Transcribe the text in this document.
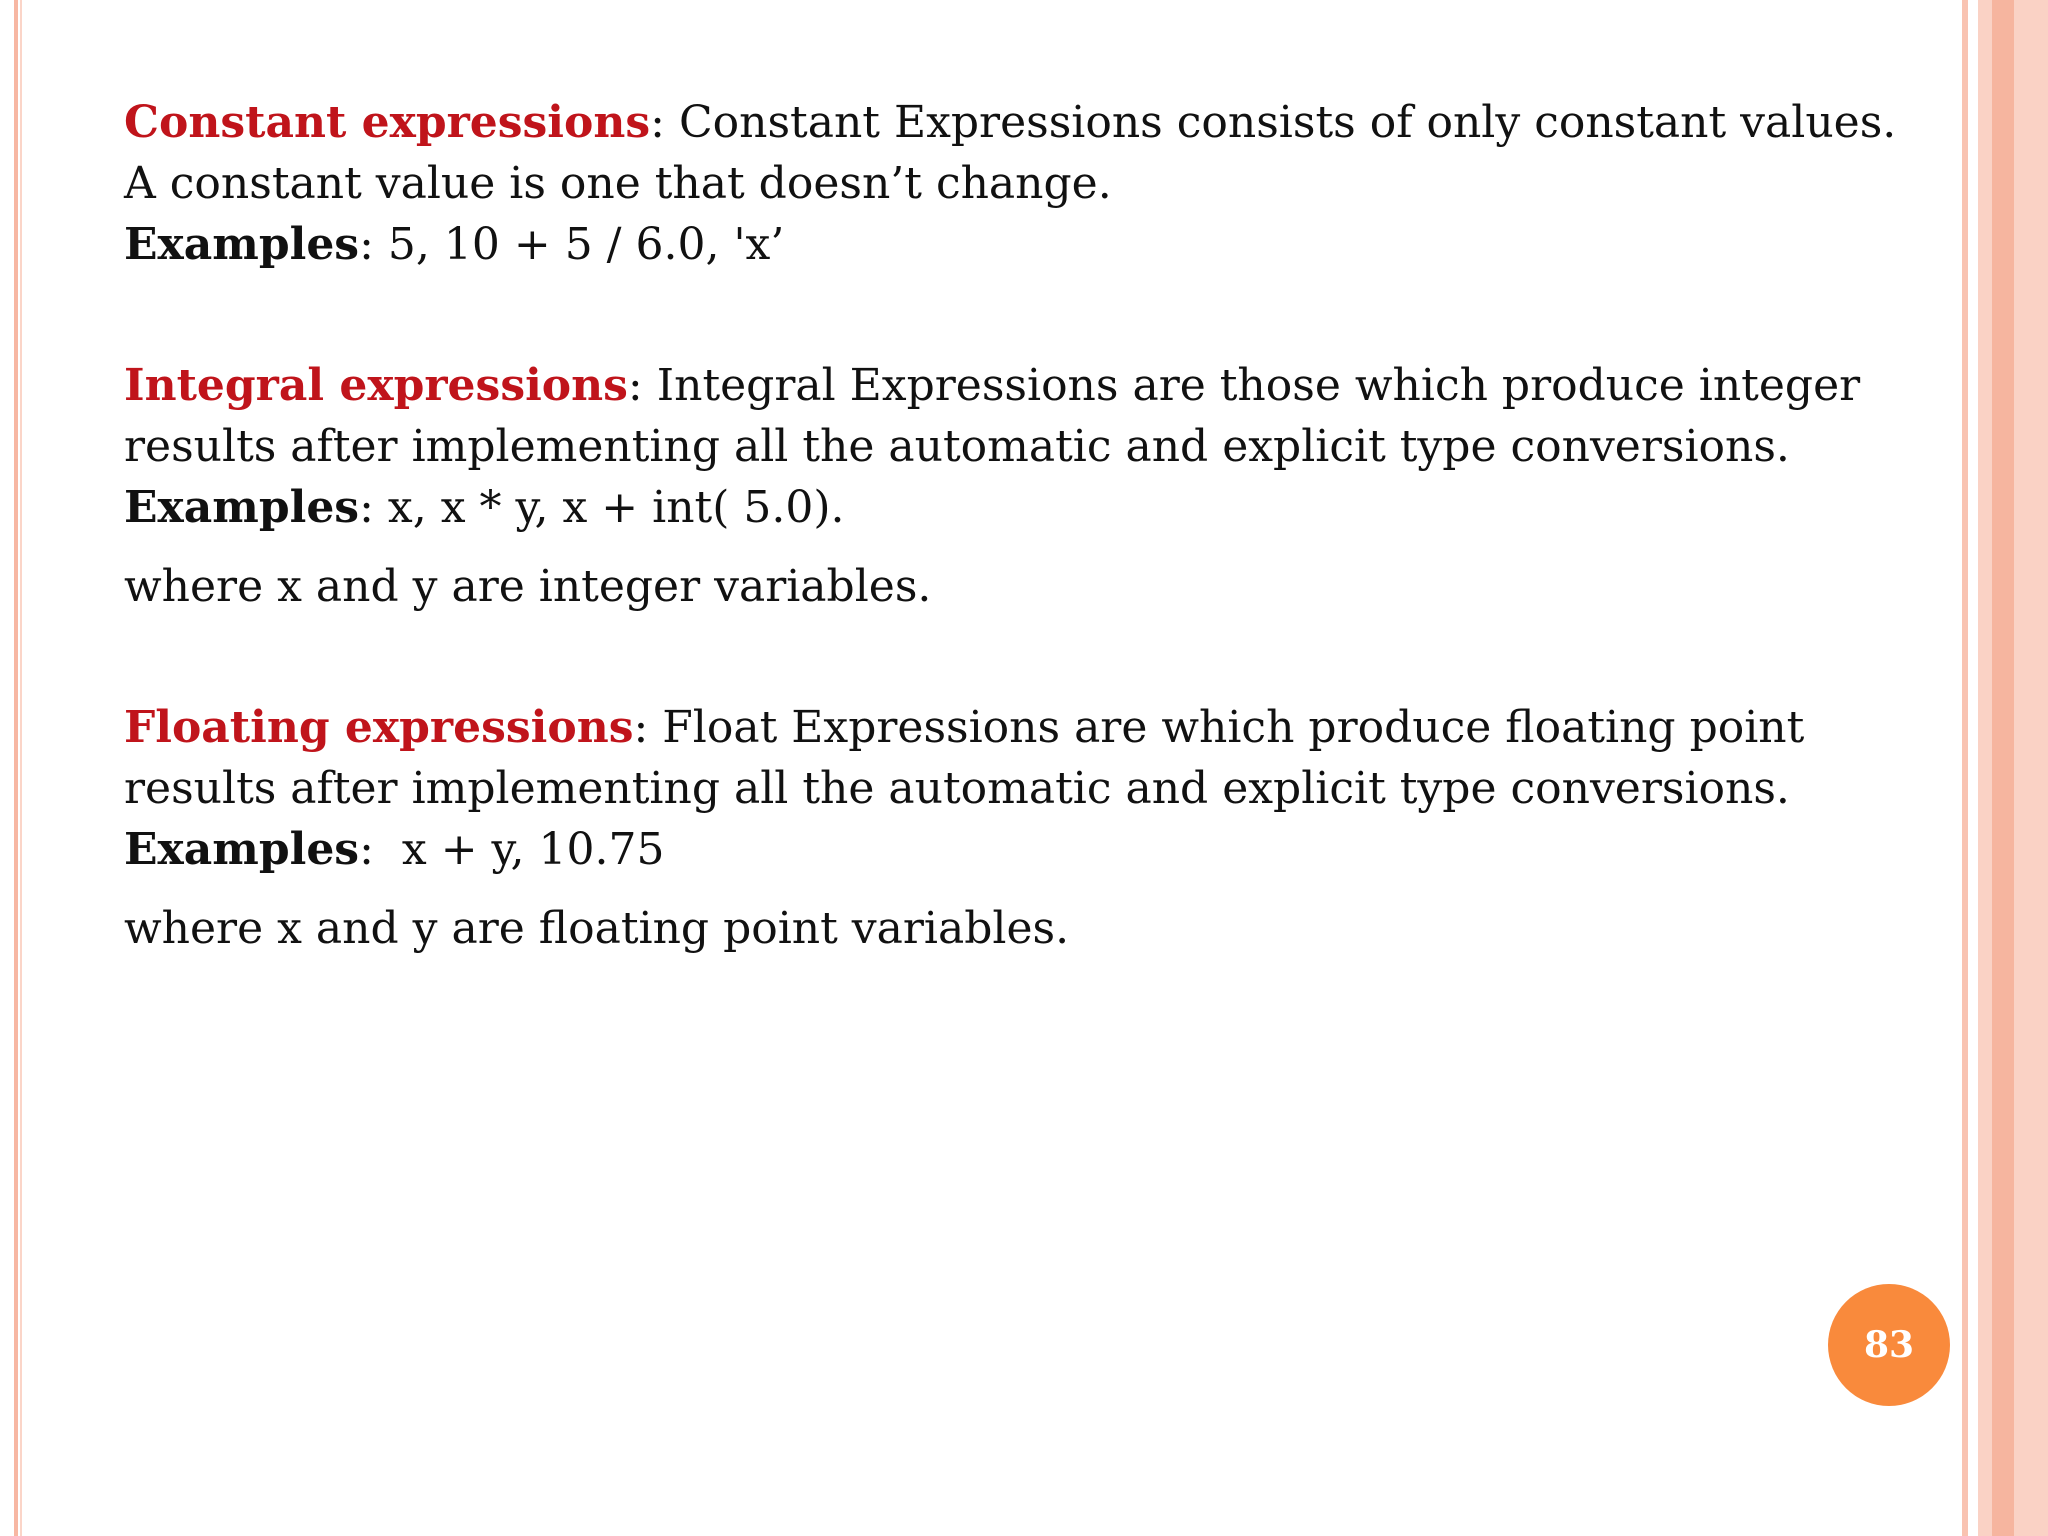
Constant expressions: Constant Expressions consists of only constant values. A constant value is one that doesn’t change.
Examples: 5, 10 + 5 / 6.0, 'x’
Integral expressions: Integral Expressions are those which produce integer results after implementing all the automatic and explicit type conversions.
Examples: x, x * y, x + int( 5.0).
where x and y are integer variables.
Floating expressions: Float Expressions are which produce floating point results after implementing all the automatic and explicit type conversions.
Examples:  x + y, 10.75
where x and y are floating point variables.
83
